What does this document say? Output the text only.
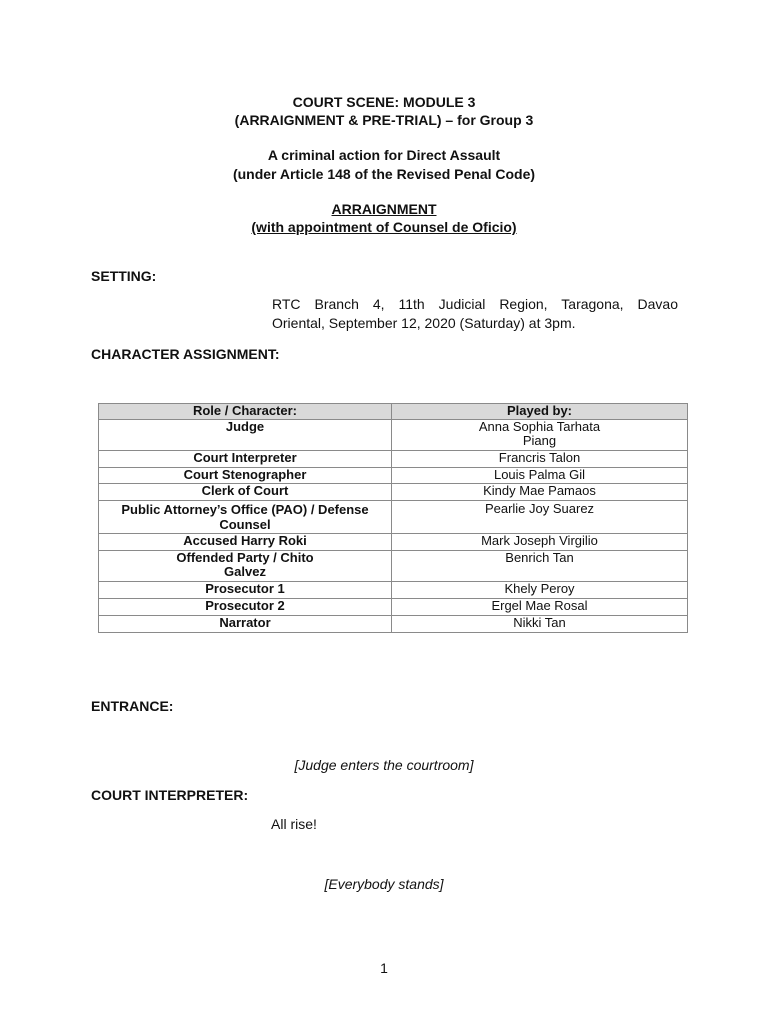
COURT SCENE: MODULE 3
(ARRAIGNMENT & PRE-TRIAL) – for Group 3
A criminal action for Direct Assault
(under Article 148 of the Revised Penal Code)
ARRAIGNMENT
(with appointment of Counsel de Oficio)
SETTING:
RTC Branch 4, 11th Judicial Region, Taragona, Davao
Oriental, September 12, 2020 (Saturday) at 3pm.
CHARACTER ASSIGNMENT:
Role / Character:	Played by:
Judge	Anna Sophia Tarhata Piang
Court Interpreter	Francris Talon
Court Stenographer	Louis Palma Gil
Clerk of Court	Kindy Mae Pamaos
Public Attorney’s Office (PAO) / Defense Counsel	Pearlie Joy Suarez
Accused Harry Roki	Mark Joseph Virgilio
Offended Party / Chito Galvez	Benrich Tan
Prosecutor 1	Khely Peroy
Prosecutor 2	Ergel Mae Rosal
Narrator	Nikki Tan
ENTRANCE:
[Judge enters the courtroom]
COURT INTERPRETER:
All rise!
[Everybody stands]
1
